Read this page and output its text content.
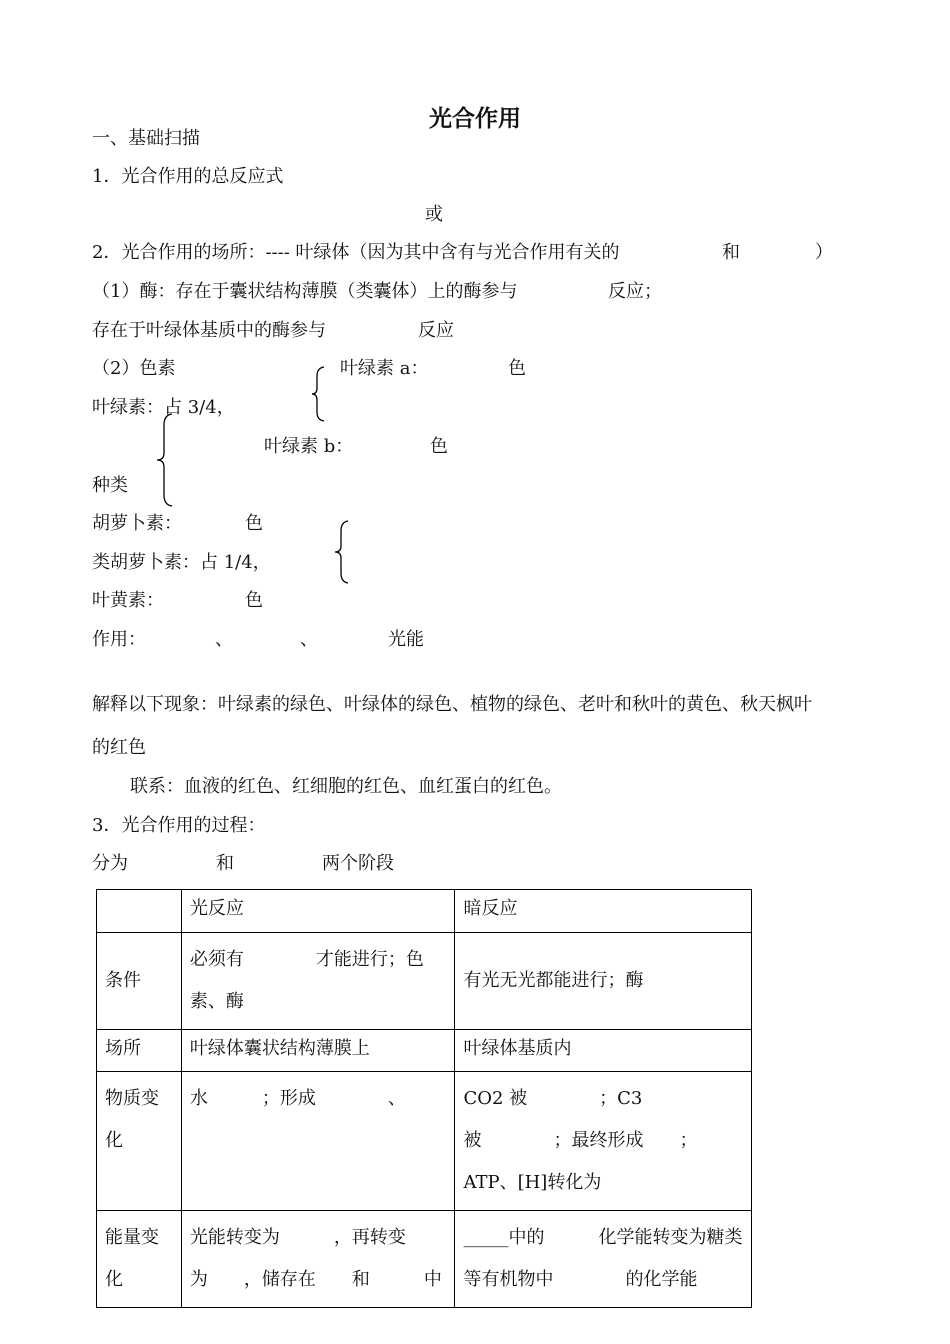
光合作用
一、基础扫描
1．光合作用的总反应式
或
2．光合作用的场所：---- 叶绿体（因为其中含有与光合作用有关的	和	）
（1）酶：存在于囊状结构薄膜（类囊体）上的酶参与	反应；
存在于叶绿体基质中的酶参与	反应
（2）色素	叶绿素 a：	色
叶绿素：占 3/4，
叶绿素 b：	色
种类
胡萝卜素：	色
类胡萝卜素：占 1/4，
叶黄素：	色
作用：	、	、	光能
解释以下现象：叶绿素的绿色、叶绿体的绿色、植物的绿色、老叶和秋叶的黄色、秋天枫叶
的红色
联系：血液的红色、红细胞的红色、血红蛋白的红色。
3．光合作用的过程：
分为	和	两个阶段
	光反应	暗反应
条件	必须有　　　　才能进行；色素、酶	有光无光都能进行；酶
场所	叶绿体囊状结构薄膜上	叶绿体基质内
物质变化	水　　　；形成　　　　、	CO2 被　　　　；C3 被　　　　；最终形成　　；ATP、[H]转化为
能量变化	光能转变为　　　，再转变为　　，储存在　　和　　　中	_____中的　　　化学能转变为糖类等有机物中　　　　的化学能
